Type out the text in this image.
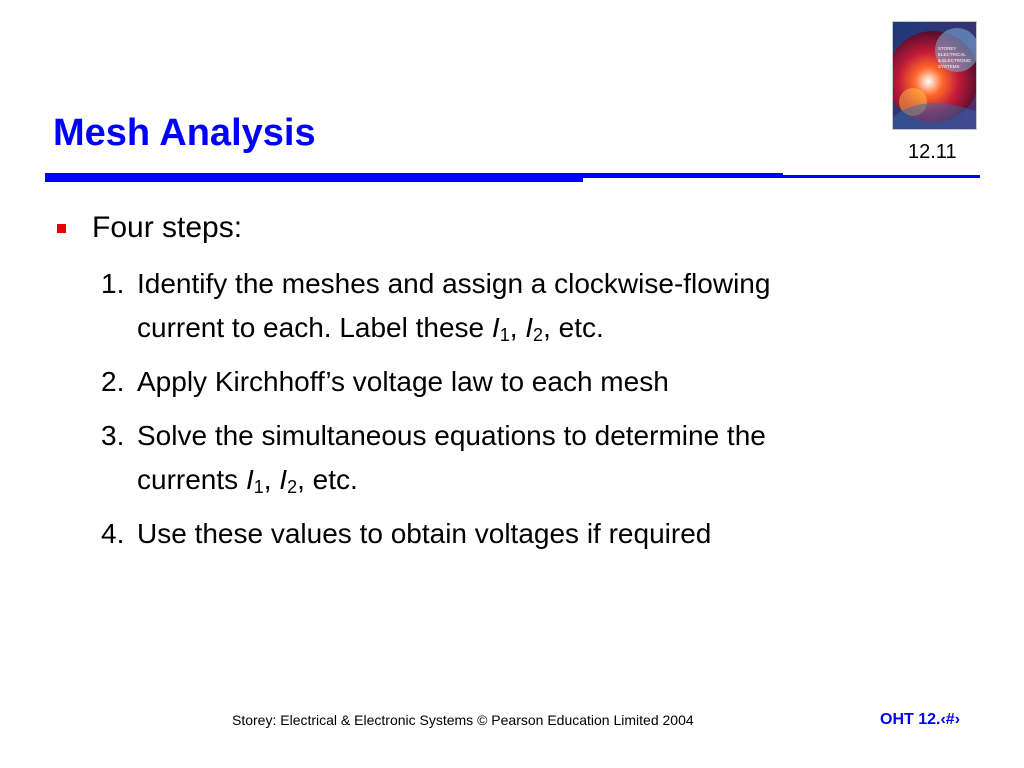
Mesh Analysis
STOREY
ELECTRICAL
& ELECTRONIC
SYSTEMS
12.11

Four steps:

1. Identify the meshes and assign a clockwise-flowing
current to each. Label these $I_1$, $I_2$, etc.
2. Apply Kirchhoff’s voltage law to each mesh
3. Solve the simultaneous equations to determine the
currents $I_1$, $I_2$, etc.
4. Use these values to obtain voltages if required
Storey: Electrical & Electronic Systems © Pearson Education Limited 2004	OHT 12.‹#›
